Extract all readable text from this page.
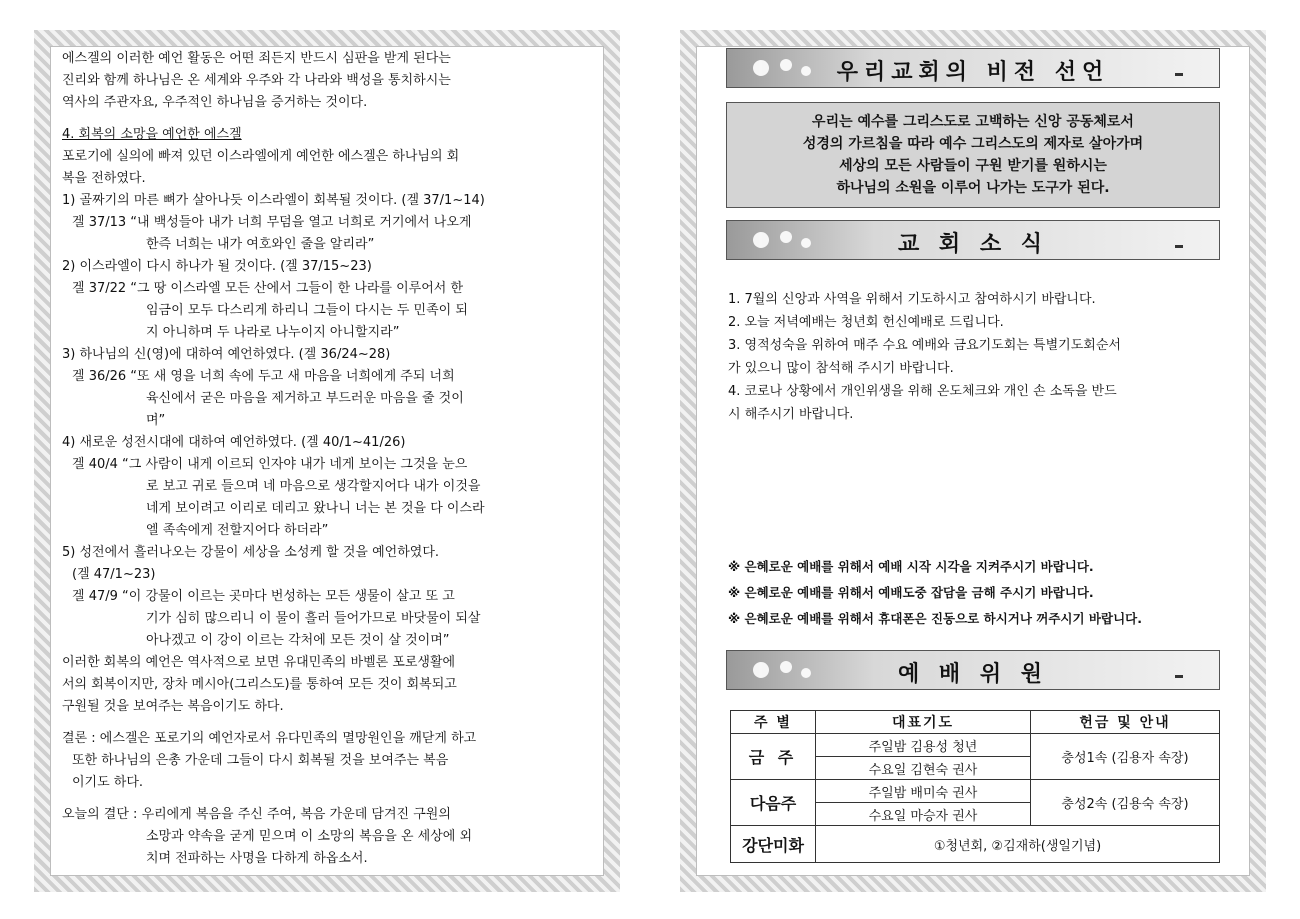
에스겔의 이러한 예언 활동은 어떤 죄든지 반드시 심판을 받게 된다는

진리와 함께 하나님은 온 세계와 우주와 각 나라와 백성을 통치하시는

역사의 주관자요, 우주적인 하나님을 증거하는 것이다.

4. 회복의 소망을 예언한 에스겔

포로기에 실의에 빠져 있던 이스라엘에게 예언한 에스겔은 하나님의 회

복을 전하였다.

1) 골짜기의 마른 뼈가 살아나듯 이스라엘이 회복될 것이다. (겔 37/1~14)

겔 37/13 “내 백성들아 내가 너희 무덤을 열고 너희로 거기에서 나오게

한즉 너희는 내가 여호와인 줄을 알리라”

2) 이스라엘이 다시 하나가 될 것이다. (겔 37/15~23)

겔 37/22 “그 땅 이스라엘 모든 산에서 그들이 한 나라를 이루어서 한

임금이 모두 다스리게 하리니 그들이 다시는 두 민족이 되

지 아니하며 두 나라로 나누이지 아니할지라”

3) 하나님의 신(영)에 대하여 예언하였다. (겔 36/24~28)

겔 36/26 “또 새 영을 너희 속에 두고 새 마음을 너희에게 주되 너희

육신에서 굳은 마음을 제거하고 부드러운 마음을 줄 것이

며”

4) 새로운 성전시대에 대하여 예언하였다. (겔 40/1~41/26)

겔 40/4 “그 사람이 내게 이르되 인자야 내가 네게 보이는 그것을 눈으

로 보고 귀로 들으며 네 마음으로 생각할지어다 내가 이것을

네게 보이려고 이리로 데리고 왔나니 너는 본 것을 다 이스라

엘 족속에게 전할지어다 하더라”

5) 성전에서 흘러나오는 강물이 세상을 소성케 할 것을 예언하였다.

(겔 47/1~23)

겔 47/9 “이 강물이 이르는 곳마다 번성하는 모든 생물이 살고 또 고

기가 심히 많으리니 이 물이 흘러 들어가므로 바닷물이 되살

아나겠고 이 강이 이르는 각처에 모든 것이 살 것이며”

이러한 회복의 예언은 역사적으로 보면 유대민족의 바벨론 포로생활에

서의 회복이지만, 장차 메시아(그리스도)를 통하여 모든 것이 회복되고

구원될 것을 보여주는 복음이기도 하다.

결론 : 에스겔은 포로기의 예언자로서 유다민족의 멸망원인을 깨닫게 하고

또한 하나님의 은총 가운데 그들이 다시 회복될 것을 보여주는 복음

이기도 하다.

오늘의 결단 : 우리에게 복음을 주신 주여, 복음 가운데 담겨진 구원의

소망과 약속을 굳게 믿으며 이 소망의 복음을 온 세상에 외

치며 전파하는 사명을 다하게 하옵소서.

우리교회의 비전 선언
우리는 예수를 그리스도로 고백하는 신앙 공동체로서
성경의 가르침을 따라 예수 그리스도의 제자로 살아가며
세상의 모든 사람들이 구원 받기를 원하시는
하나님의 소원을 이루어 나가는 도구가 된다.
교 회 소 식

1. 7월의 신앙과 사역을 위해서 기도하시고 참여하시기 바랍니다.

2. 오늘 저녁예배는 청년회 헌신예배로 드립니다.

3. 영적성숙을 위하여 매주 수요 예배와 금요기도회는 특별기도회순서

가 있으니 많이 참석해 주시기 바랍니다.

4. 코로나 상황에서 개인위생을 위해 온도체크와 개인 손 소독을 반드

시 해주시기 바랍니다.

※ 은혜로운 예배를 위해서 예배 시작 시각을 지켜주시기 바랍니다.

※ 은혜로운 예배를 위해서 예배도중 잡담을 금해 주시기 바랍니다.

※ 은혜로운 예배를 위해서 휴대폰은 진동으로 하시거나 꺼주시기 바랍니다.

예 배 위 원
주 별	대표기도	헌금 및 안내
금 주	주일밤 김용성 청년	충성1속 (김용자 속장)
	수요일 김현숙 권사	
다음주	주일밤 배미숙 권사	충성2속 (김용숙 속장)
	수요일 마승자 권사	
강단미화	①청년회, ②김재하(생일기념)	
